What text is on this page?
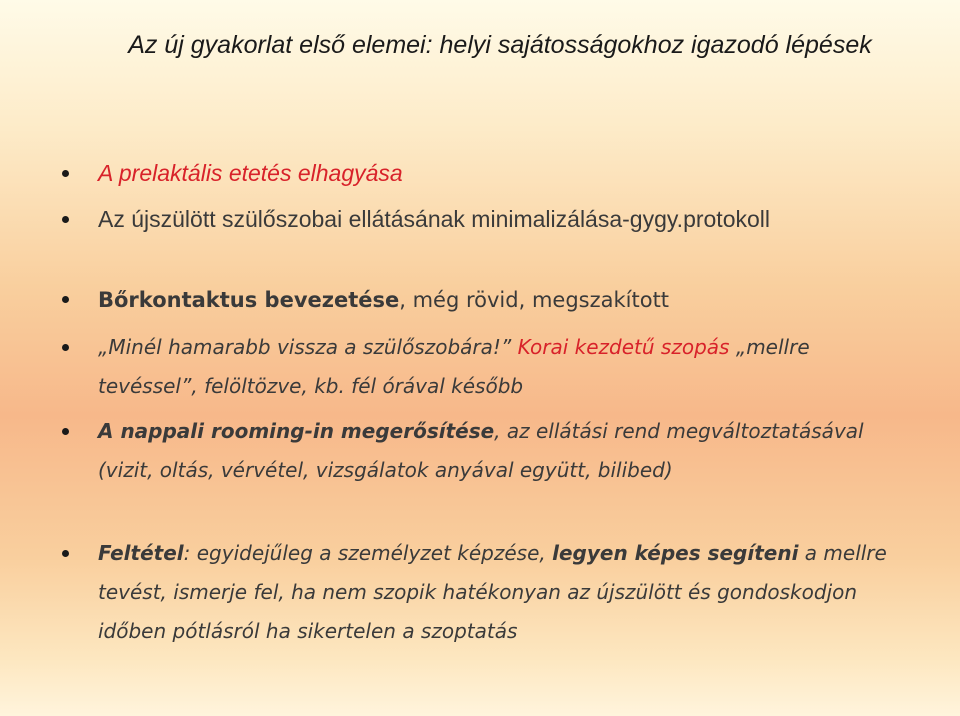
Az új gyakorlat első elemei: helyi sajátosságokhoz igazodó lépések
A prelaktális etetés elhagyása
Az újszülött szülőszobai ellátásának minimalizálása-gygy.protokoll
Bőrkontaktus bevezetése, még rövid, megszakított
„Minél hamarabb vissza a szülőszobára!” Korai kezdetű szopás „mellre tevéssel”, felöltözve, kb. fél órával később
A nappali rooming-in megerősítése, az ellátási rend megváltoztatásával (vizit, oltás, vérvétel, vizsgálatok anyával együtt, bilibed)
Feltétel: egyidejűleg a személyzet képzése, legyen képes segíteni a mellre tevést, ismerje fel, ha nem szopik hatékonyan az újszülött és gondoskodjon időben pótlásról ha sikertelen a szoptatás
